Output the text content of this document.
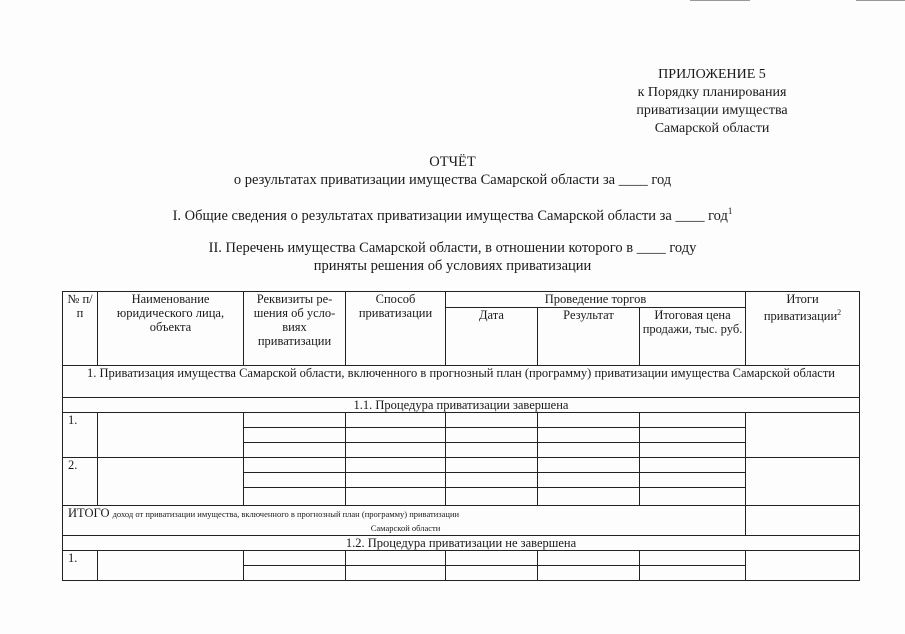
ПРИЛОЖЕНИЕ 5
к Порядку планирования
приватизации имущества
Самарской области
ОТЧЁТ
о результатах приватизации имущества Самарской области за ____ год
I. Общие сведения о результатах приватизации имущества Самарской области за ____ год$^1$
II. Перечень имущества Самарской области, в отношении которого в ____ году
приняты решения об условиях приватизации
№ п/п	Наименование юридического лица, объекта	Реквизиты ре- шения об усло- виях приватизации	Способ приватизации	Проведение торгов	Итоги приватизации$^2$
Дата	Результат	Итоговая цена продажи, тыс. руб.
1. Приватизация имущества Самарской области, включенного в прогнозный план (программу) приватизации имущества Самарской области
1.1. Процедура приватизации завершена
1.		

2.		

ИТОГО доход от приватизации имущества, включенного в прогнозный план (программу) приватизации

Самарской области

1.2. Процедура приватизации не завершена
1.		
